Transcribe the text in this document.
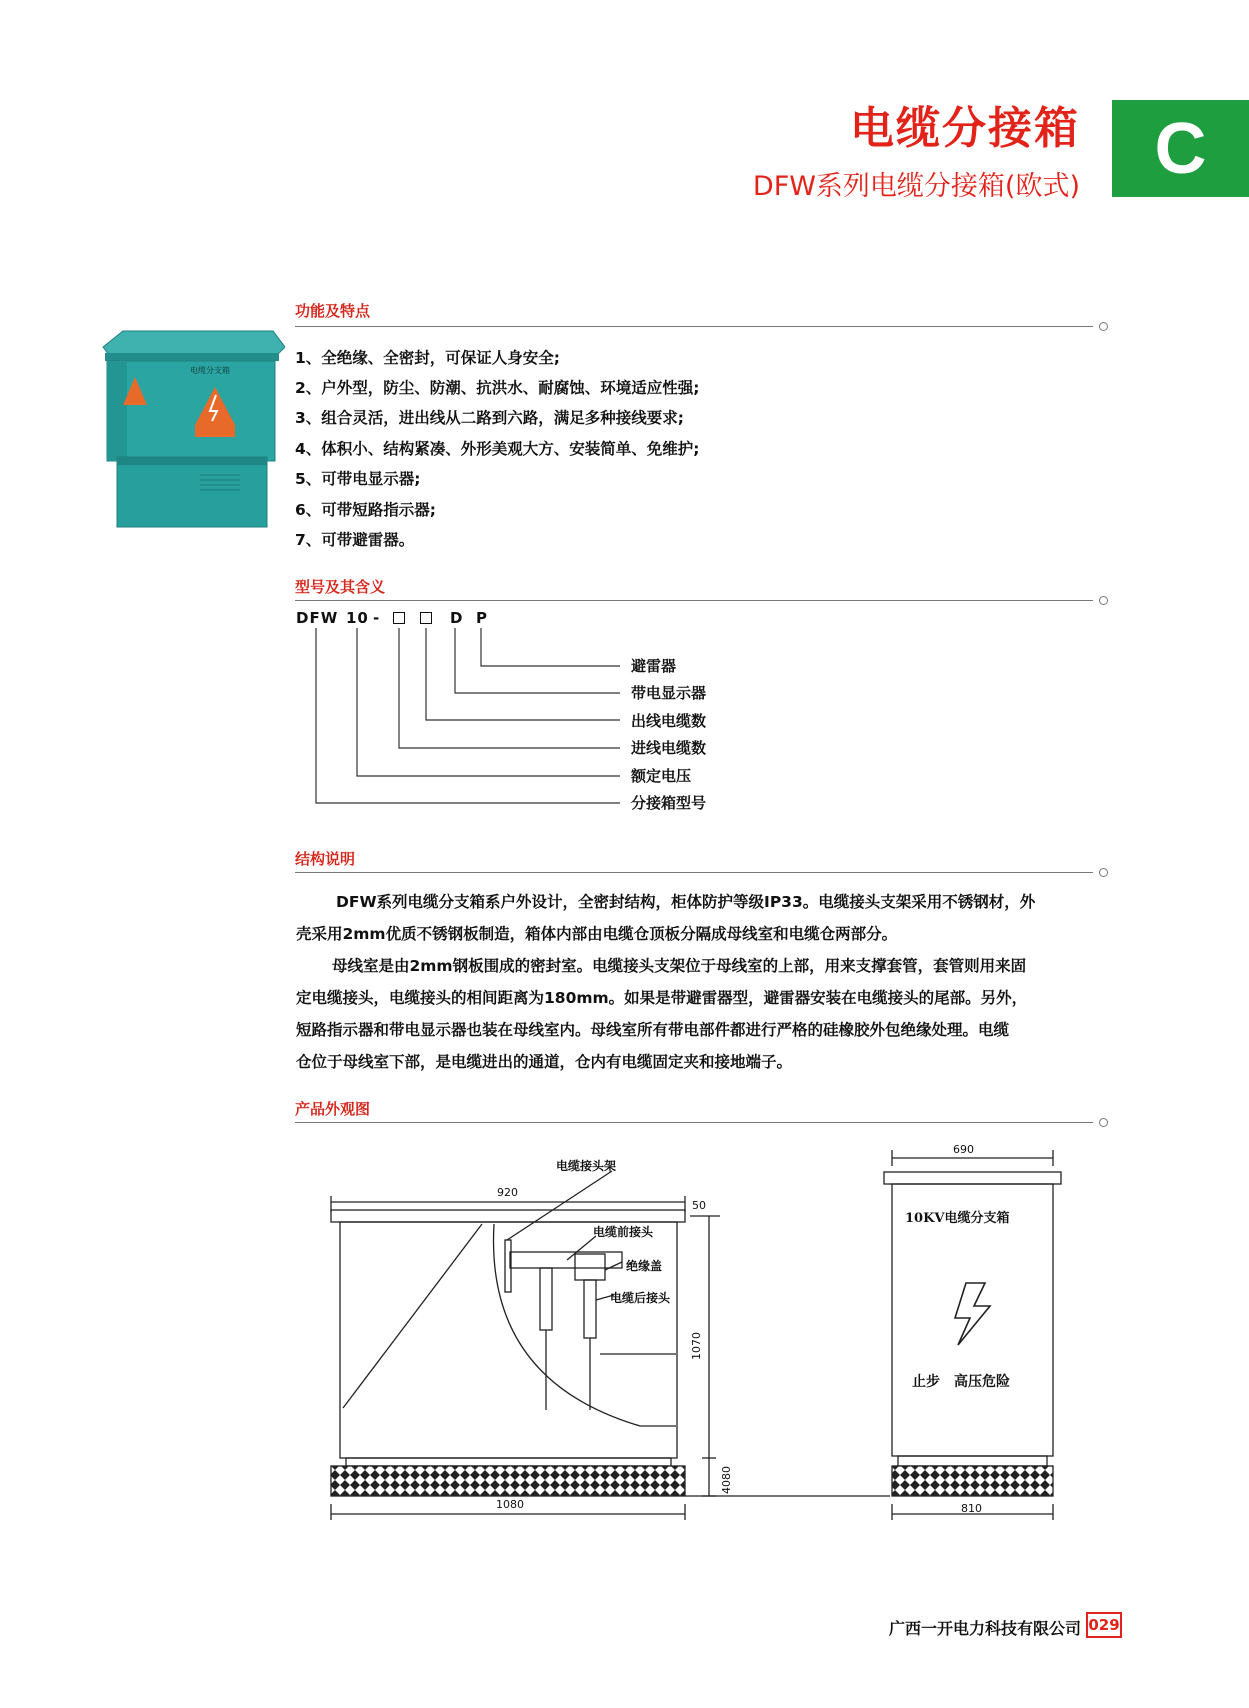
电缆分接箱
DFW系列电缆分接箱(欧式)	C
电缆分支箱
功能及特点
1、全绝缘、全密封，可保证人身安全;
2、户外型，防尘、防潮、抗洪水、耐腐蚀、环境适应性强;
3、组合灵活，进出线从二路到六路，满足多种接线要求;
4、体积小、结构紧凑、外形美观大方、安装简单、免维护;
5、可带电显示器;
6、可带短路指示器;
7、可带避雷器。
型号及其含义
DFW 10 -	D P
避雷器
带电显示器
出线电缆数
进线电缆数
额定电压
分接箱型号
结构说明
DFW系列电缆分支箱系户外设计，全密封结构，柜体防护等级IP33。电缆接头支架采用不锈钢材，外
壳采用2mm优质不锈钢板制造，箱体内部由电缆仓顶板分隔成母线室和电缆仓两部分。
母线室是由2mm钢板围成的密封室。电缆接头支架位于母线室的上部，用来支撑套管，套管则用来固
定电缆接头，电缆接头的相间距离为180mm。如果是带避雷器型，避雷器安装在电缆接头的尾部。另外，
短路指示器和带电显示器也装在母线室内。母线室所有带电部件都进行严格的硅橡胶外包绝缘处理。电缆
仓位于母线室下部，是电缆进出的通道，仓内有电缆固定夹和接地端子。
产品外观图
920
50
1080
690
810
1070
4080
电缆接头架
电缆前接头
绝缘盖
电缆后接头
10KV电缆分支箱
止步　高压危险
广西一开电力科技有限公司 029
